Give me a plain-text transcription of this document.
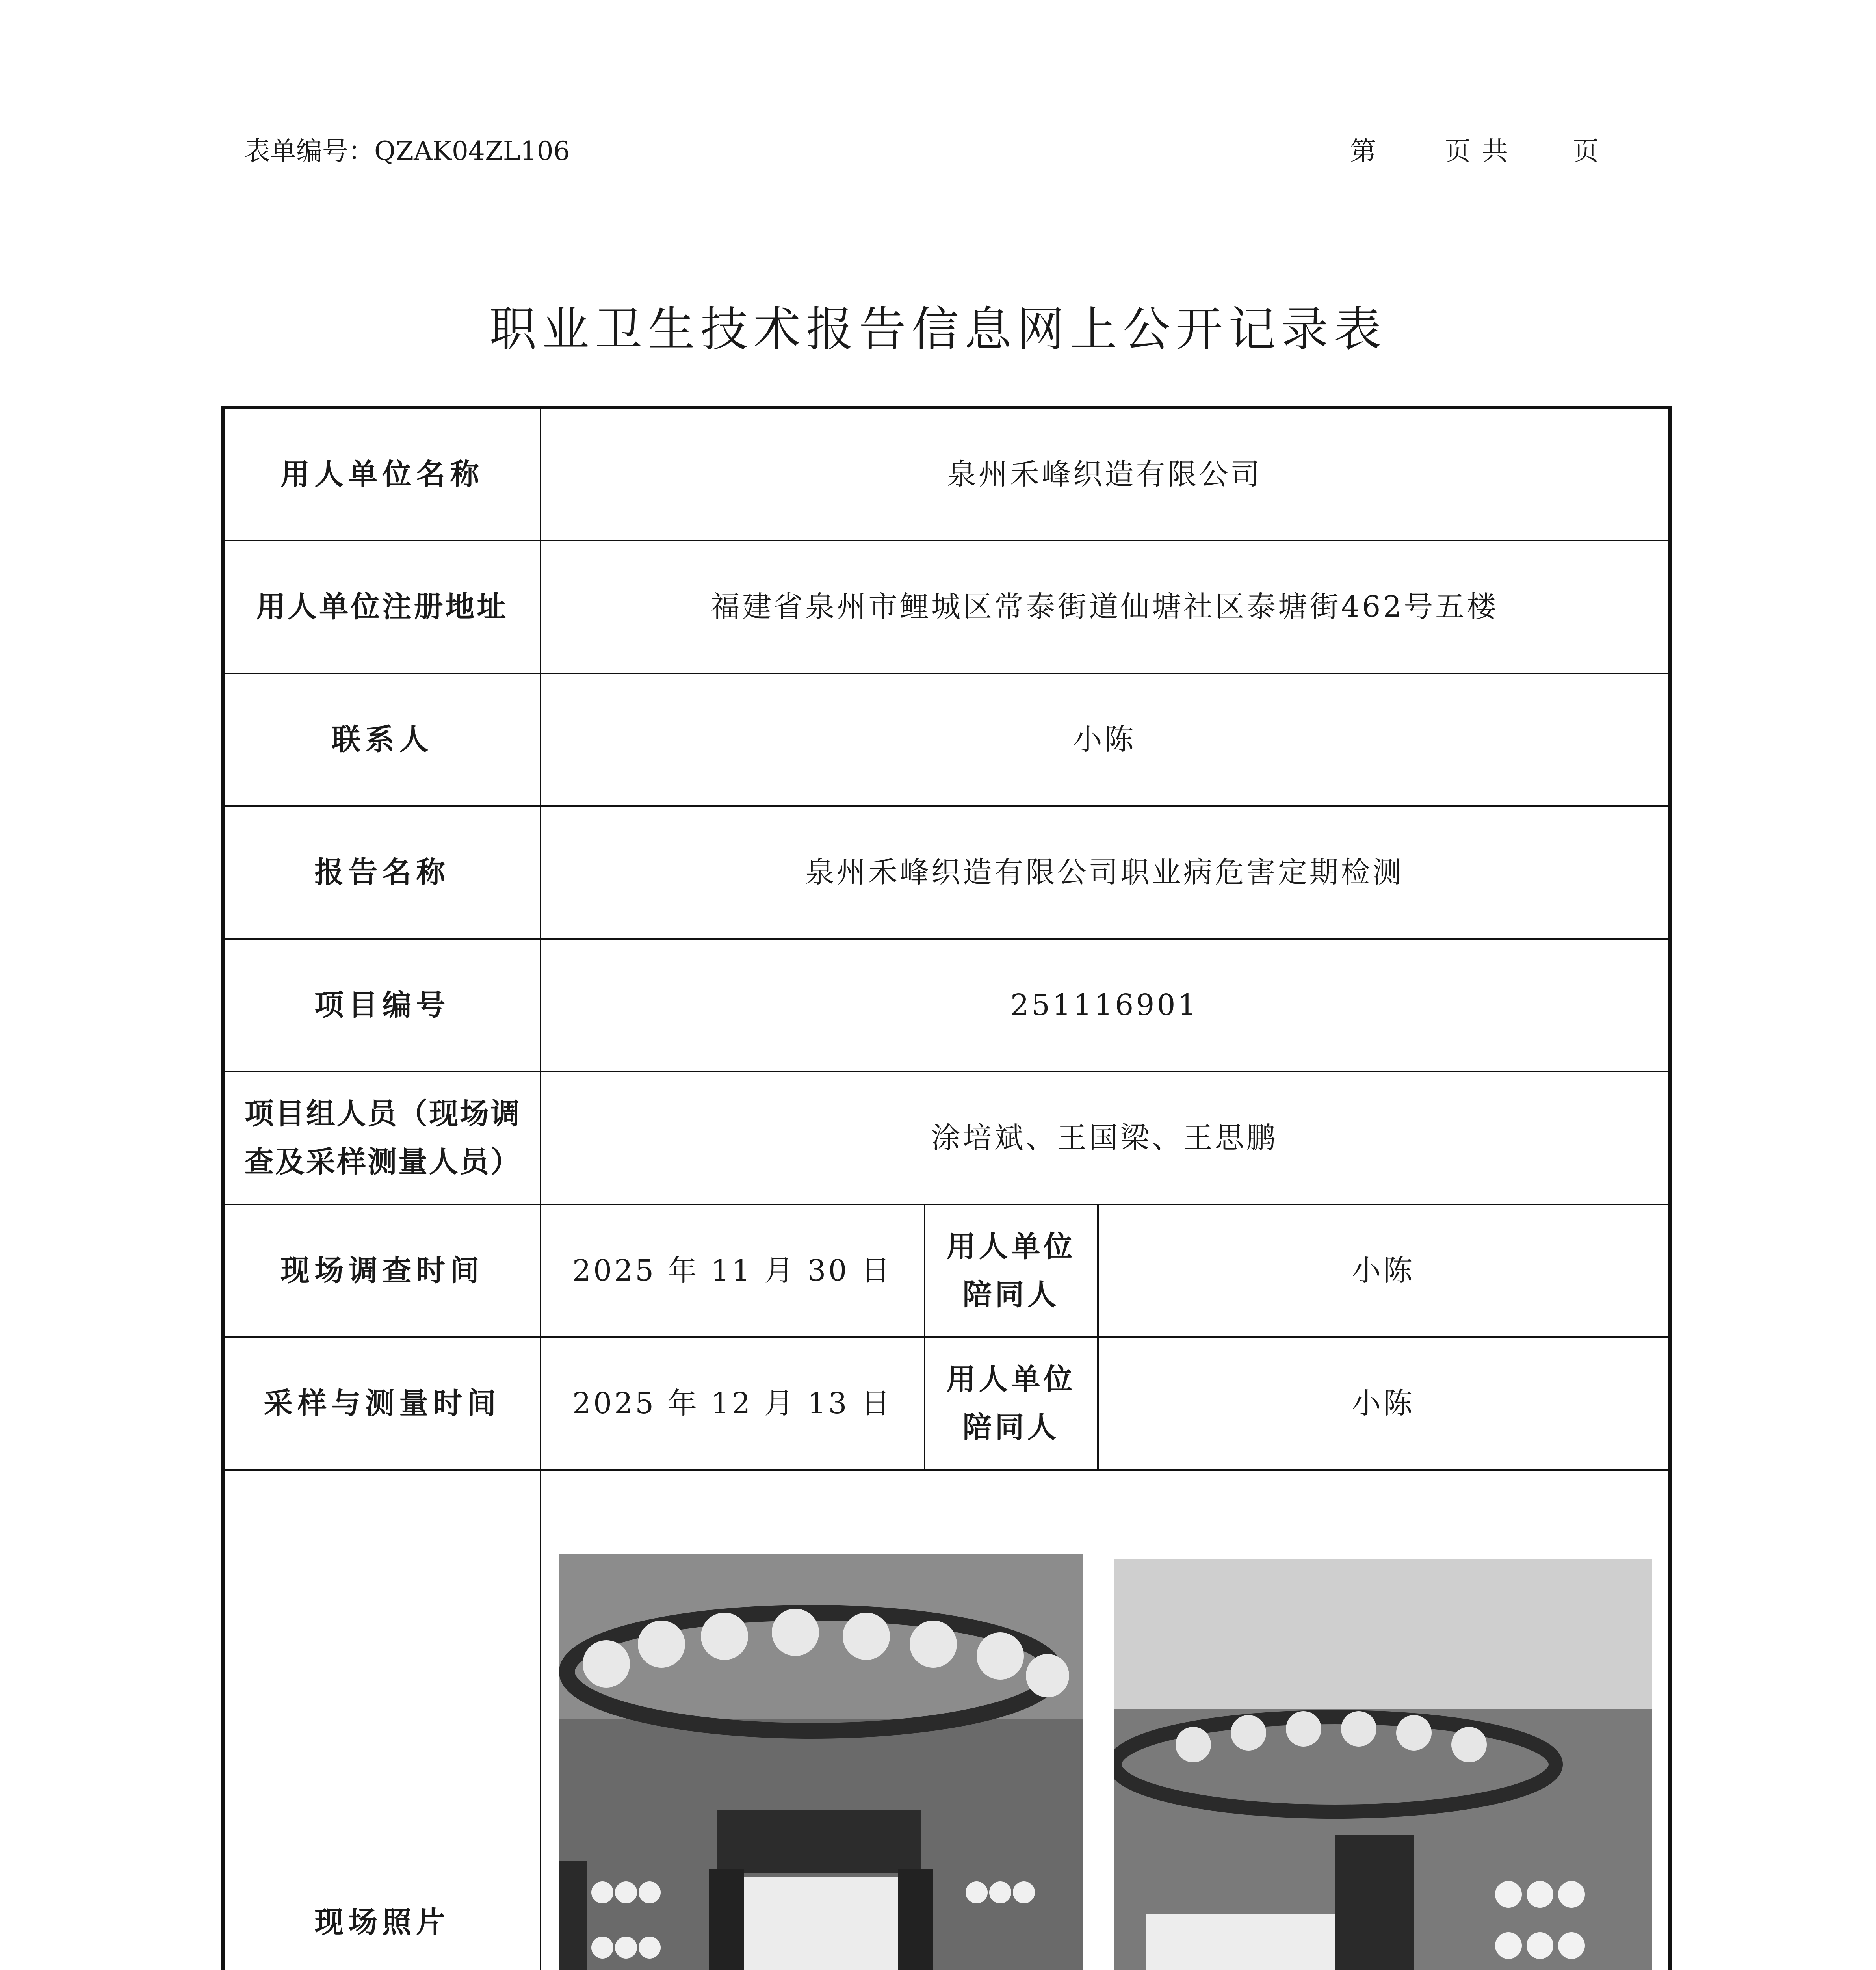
表单编号：QZAK04ZL106	第	页 共 页
职业卫生技术报告信息网上公开记录表
用人单位名称	泉州禾峰织造有限公司		
用人单位注册地址	福建省泉州市鲤城区常泰街道仙塘社区泰塘街462号五楼		
联系人	小陈		
报告名称	泉州禾峰织造有限公司职业病危害定期检测		
项目编号	251116901		
项目组人员（现场调查及采样测量人员）	涂培斌、王国梁、王思鹏		
现场调查时间	2025 年 11 月 30 日	用人单位陪同人	小陈
采样与测量时间	2025 年 12 月 13 日	用人单位陪同人	小陈
现场照片	
